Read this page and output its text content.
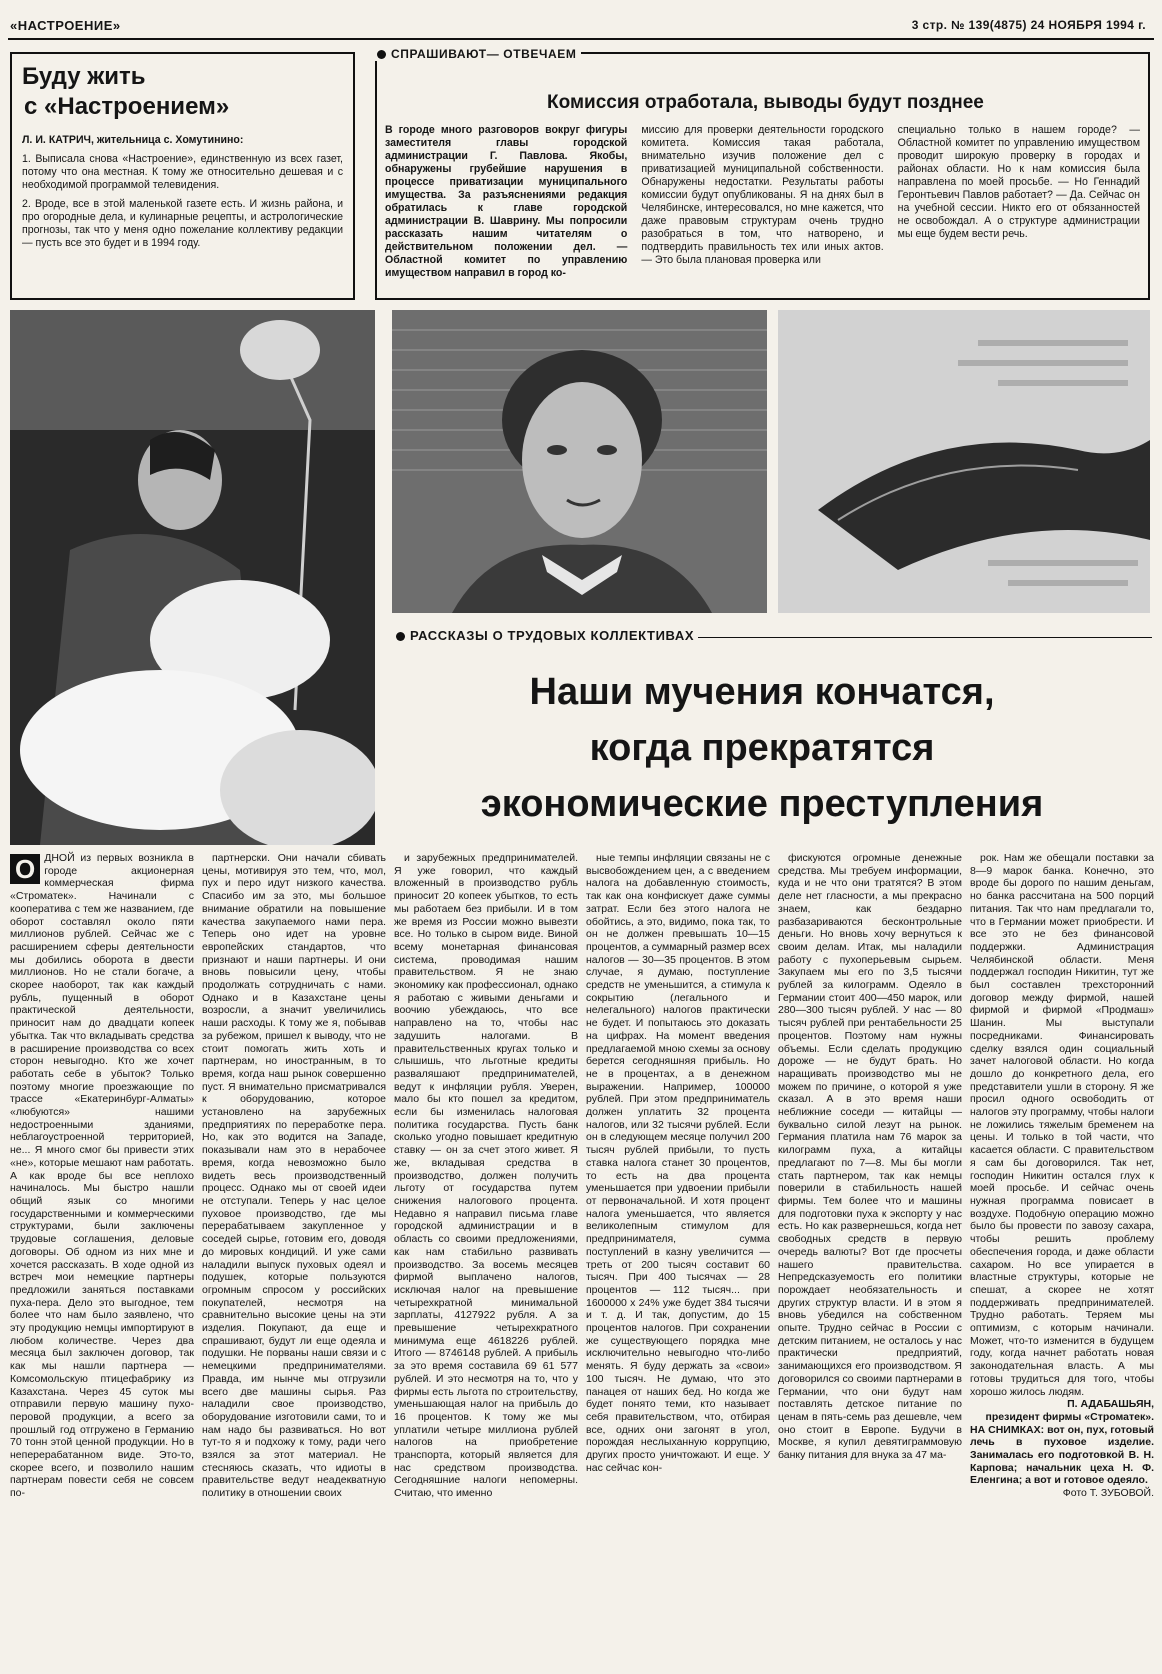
«НАСТРОЕНИЕ»	3 стр. № 139(4875) 24 НОЯБРЯ 1994 г.

Буду жить

с «Настроением»

Л. И. КАТРИЧ, жительница с. Хомутинино:

1. Выписала снова «Настроение», единственную из всех газет, потому что она местная. К тому же относительно дешевая и с необходимой программой телевидения.

2. Вроде, все в этой маленькой газете есть. И жизнь района, и про огородные дела, и кулинарные рецепты, и астрологические прогнозы, так что у меня одно пожелание коллективу редакции — пусть все это будет и в 1994 году.

СПРАШИВАЮТ— ОТВЕЧАЕМ
Комиссия отработала, выводы будут позднее
В городе много разговоров вокруг фигуры заместителя главы городской администрации Г. Павлова. Якобы, обнаружены грубейшие нарушения в процессе приватизации муниципального имущества. За разъяснениями редакция обратилась к главе городской администрации В. Шаврину. Мы попросили рассказать нашим читателям о действительном положении дел. — Областной комитет по управлению имуществом направил в город ко-
миссию для проверки деятельности городского комитета. Комиссия такая работала, внимательно изучив положение дел с приватизацией муниципальной собственности. Обнаружены недостатки. Результаты работы комиссии будут опубликованы. Я на днях был в Челябинске, интересовался, но мне кажется, что даже правовым структурам очень трудно разобраться в том, что натворено, и подтвердить правильность тех или иных актов. — Это была плановая проверка или
специально только в нашем городе? — Областной комитет по управлению имуществом проводит широкую проверку в городах и районах области. Но к нам комиссия была направлена по моей просьбе. — Но Геннадий Геронтьевич Павлов работает? — Да. Сейчас он на учебной сессии. Никто его от обязанностей не освобождал. А о структуре администрации мы еще будем вести речь.
РАССКАЗЫ О ТРУДОВЫХ КОЛЛЕКТИВАХ
Наши мучения кончатся,
когда прекратятся
экономические преступления
О ДНОЙ из первых возникла в городе акционерная коммерческая фирма «Строматек». Начинали с кооператива с тем же названием, где оборот составлял около пяти миллионов рублей. Сейчас же с расширением сферы деятельности мы добились оборота в двести миллионов. Но не стали богаче, а скорее наоборот, так как каждый рубль, пущенный в оборот практической деятельности, приносит нам до двадцати копеек убытка. Так что вкладывать средства в расширение производства со всех сторон невыгодно. Кто же хочет работать себе в убыток? Только поэтому многие проезжающие по трассе «Екатеринбург-Алматы» «любуются» нашими недостроенными зданиями, неблагоустроенной территорией, не... Я много смог бы привести этих «не», которые мешают нам работать. А как вроде бы все неплохо начиналось. Мы быстро нашли общий язык со многими государственными и коммерческими структурами, были заключены трудовые соглашения, деловые договоры. Об одном из них мне и хочется рассказать. В ходе одной из встреч мои немецкие партнеры предложили заняться поставками пуха-пера. Дело это выгодное, тем более что нам было заявлено, что эту продукцию немцы импортируют в любом количестве. Через два месяца был заключен договор, так как мы нашли партнера — Комсомольскую птицефабрику из Казахстана. Через 45 суток мы отправили первую машину пухо-перовой продукции, а всего за прошлый год отгружено в Германию 70 тонн этой ценной продукции. Но в неперерабатанном виде. Это-то, скорее всего, и позволило нашим партнерам повести себя не совсем по-

партнерски. Они начали сбивать цены, мотивируя это тем, что, мол, пух и перо идут низкого качества. Спасибо им за это, мы большое внимание обратили на повышение качества закупаемого нами пера. Теперь оно идет на уровне европейских стандартов, что признают и наши партнеры. И они вновь повысили цену, чтобы продолжать сотрудничать с нами. Однако и в Казахстане цены возросли, а значит увеличились наши расходы. К тому же я, побывав за рубежом, пришел к выводу, что не стоит помогать жить хоть и партнерам, но иностранным, в то время, когда наш рынок совершенно пуст. Я внимательно присматривался к оборудованию, которое установлено на зарубежных предприятиях по переработке пера. Но, как это водится на Западе, показывали нам это в нерабочее время, когда невозможно было видеть весь производственный процесс. Однако мы от своей идеи не отступали. Теперь у нас целое пуховое производство, где мы перерабатываем закупленное у соседей сырье, готовим его, доводя до мировых кондиций. И уже сами наладили выпуск пуховых одеял и подушек, которые пользуются огромным спросом у российских покупателей, несмотря на сравнительно высокие цены на эти изделия. Покупают, да еще и спрашивают, будут ли еще одеяла и подушки. Не порваны наши связи и с немецкими предпринимателями. Правда, им нынче мы отгрузили всего две машины сырья. Раз наладили свое производство, оборудование изготовили сами, то и нам надо бы развиваться. Но вот тут-то я и подхожу к тому, ради чего взялся за этот материал. Не стесняюсь сказать, что идиоты в правительстве ведут неадекватную политику в отношении своих

и зарубежных предпринимателей. Я уже говорил, что каждый вложенный в производство рубль приносит 20 копеек убытков, то есть мы работаем без прибыли. И в том же время из России можно вывезти все. Но только в сыром виде. Виной всему монетарная финансовая система, проводимая нашим правительством. Я не знаю экономику как профессионал, однако я работаю с живыми деньгами и воочию убеждаюсь, что все направлено на то, чтобы нас задушить налогами. В правительственных кругах только и слышишь, что льготные кредиты разваляшают предпринимателей, ведут к инфляции рубля. Уверен, мало бы кто пошел за кредитом, если бы изменилась налоговая политика государства. Пусть банк сколько угодно повышает кредитную ставку — он за счет этого живет. Я же, вкладывая средства в производство, должен получить льготу от государства путем снижения налогового процента. Недавно я направил письма главе городской администрации и в область со своими предложениями, как нам стабильно развивать производство. За восемь месяцев фирмой выплачено налогов, исключая налог на превышение четырехкратной минимальной зарплаты, 4127922 рубля. А за превышение четырехкратного минимума еще 4618226 рублей. Итого — 8746148 рублей. А прибыль за это время составила 69 61 577 рублей. И это несмотря на то, что у фирмы есть льгота по строительству, уменьшающая налог на прибыль до 16 процентов. К тому же мы уплатили четыре миллиона рублей налогов на приобретение транспорта, который является для нас средством производства. Сегодняшние налоги непомерны. Считаю, что именно

ные темпы инфляции связаны не с высвобождением цен, а с введением налога на добавленную стоимость, так как она конфискует даже суммы затрат. Если без этого налога не обойтись, а это, видимо, пока так, то он не должен превышать 10—15 процентов, а суммарный размер всех налогов — 30—35 процентов. В этом случае, я думаю, поступление средств не уменьшится, а стимула к сокрытию (легального и нелегального) налогов практически не будет. И попытаюсь это доказать на цифрах. На момент введения предлагаемой мною схемы за основу берется сегодняшняя прибыль. Но не в процентах, а в денежном выражении. Например, 100000 рублей. При этом предприниматель должен уплатить 32 процента налогов, или 32 тысячи рублей. Если он в следующем месяце получил 200 тысяч рублей прибыли, то пусть ставка налога станет 30 процентов, то есть на два процента уменьшается при удвоении прибыли от первоначальной. И хотя процент налога уменьшается, что является великолепным стимулом для предпринимателя, сумма поступлений в казну увеличится — треть от 200 тысяч составит 60 тысяч. При 400 тысячах — 28 процентов — 112 тысяч... при 1600000 х 24% уже будет 384 тысячи и т. д. И так, допустим, до 15 процентов налогов. При сохранении же существующего порядка мне исключительно невыгодно что-либо менять. Я буду держать за «свои» 100 тысяч. Не думаю, что это панацея от наших бед. Но когда же будет понято теми, кто называет себя правительством, что, отбирая все, одних они загонят в угол, порождая неслыханную коррупцию, других просто уничтожают. И еще. У нас сейчас кон-

фискуются огромные денежные средства. Мы требуем информации, куда и не что они тратятся? В этом деле нет гласности, а мы прекрасно знаем, как бездарно разбазариваются бесконтрольные деньги. Но вновь хочу вернуться к своим делам. Итак, мы наладили работу с пухоперьевым сырьем. Закупаем мы его по 3,5 тысячи рублей за килограмм. Одеяло в Германии стоит 400—450 марок, или 280—300 тысяч рублей. У нас — 80 тысяч рублей при рентабельности 25 процентов. Поэтому нам нужны объемы. Если сделать продукцию дороже — не будут брать. Но наращивать производство мы не можем по причине, о которой я уже сказал. А в это время наши неближние соседи — китайцы — буквально силой лезут на рынок. Германия платила нам 76 марок за килограмм пуха, а китайцы предлагают по 7—8. Мы бы могли стать партнером, так как немцы поверили в стабильность нашей фирмы. Тем более что и машины для подготовки пуха к экспорту у нас есть. Но как развернешься, когда нет свободных средств в первую очередь валюты? Вот где просчеты нашего правительства. Непредсказуемость его политики порождает необязательность и других структур власти. И в этом я вновь убедился на собственном опыте. Трудно сейчас в России с детским питанием, не осталось у нас практически предприятий, занимающихся его производством. Я договорился со своими партнерами в Германии, что они будут нам поставлять детское питание по ценам в пять-семь раз дешевле, чем оно стоит в Европе. Будучи в Москве, я купил девятиграммовую банку питания для внука за 47 ма-

рок. Нам же обещали поставки за 8—9 марок банка. Конечно, это вроде бы дорого по нашим деньгам, но банка рассчитана на 500 порций питания. Так что нам предлагали то, что в Германии может приобрести. И все это не без финансовой поддержки. Администрация Челябинской области. Меня поддержал господин Никитин, тут же был составлен трехсторонний договор между фирмой, нашей фирмой и фирмой «Продмаш» Шанин. Мы выступали посредниками. Финансировать сделку взялся один социальный зачет налоговой области. Но когда дошло до конкретного дела, его представители ушли в сторону. Я же просил одного освободить от налогов эту программу, чтобы налоги не ложились тяжелым бременем на цены. И только в той части, что касается области. С правительством я сам бы договорился. Так нет, господин Никитин остался глух к моей просьбе. И сейчас очень нужная программа повисает в воздухе. Подобную операцию можно было бы провести по завозу сахара, чтобы решить проблему обеспечения города, и даже области сахаром. Но все упирается в властные структуры, которые не спешат, а скорее не хотят поддерживать предпринимателей. Трудно работать. Теряем мы оптимизм, с которым начинали. Может, что-то изменится в будущем году, когда начнет работать новая законодательная власть. А мы готовы трудиться для того, чтобы хорошо жилось людям.

П. АДАБАШЬЯН,
президент фирмы «Строматек».
НА СНИМКАХ: вот он, пух, готовый лечь в пуховое изделие. Занималась его подготовкой В. Н. Карпова; начальник цеха Н. Ф. Еленгина; а вот и готовое одеяло.
Фото Т. ЗУБОВОЙ.
